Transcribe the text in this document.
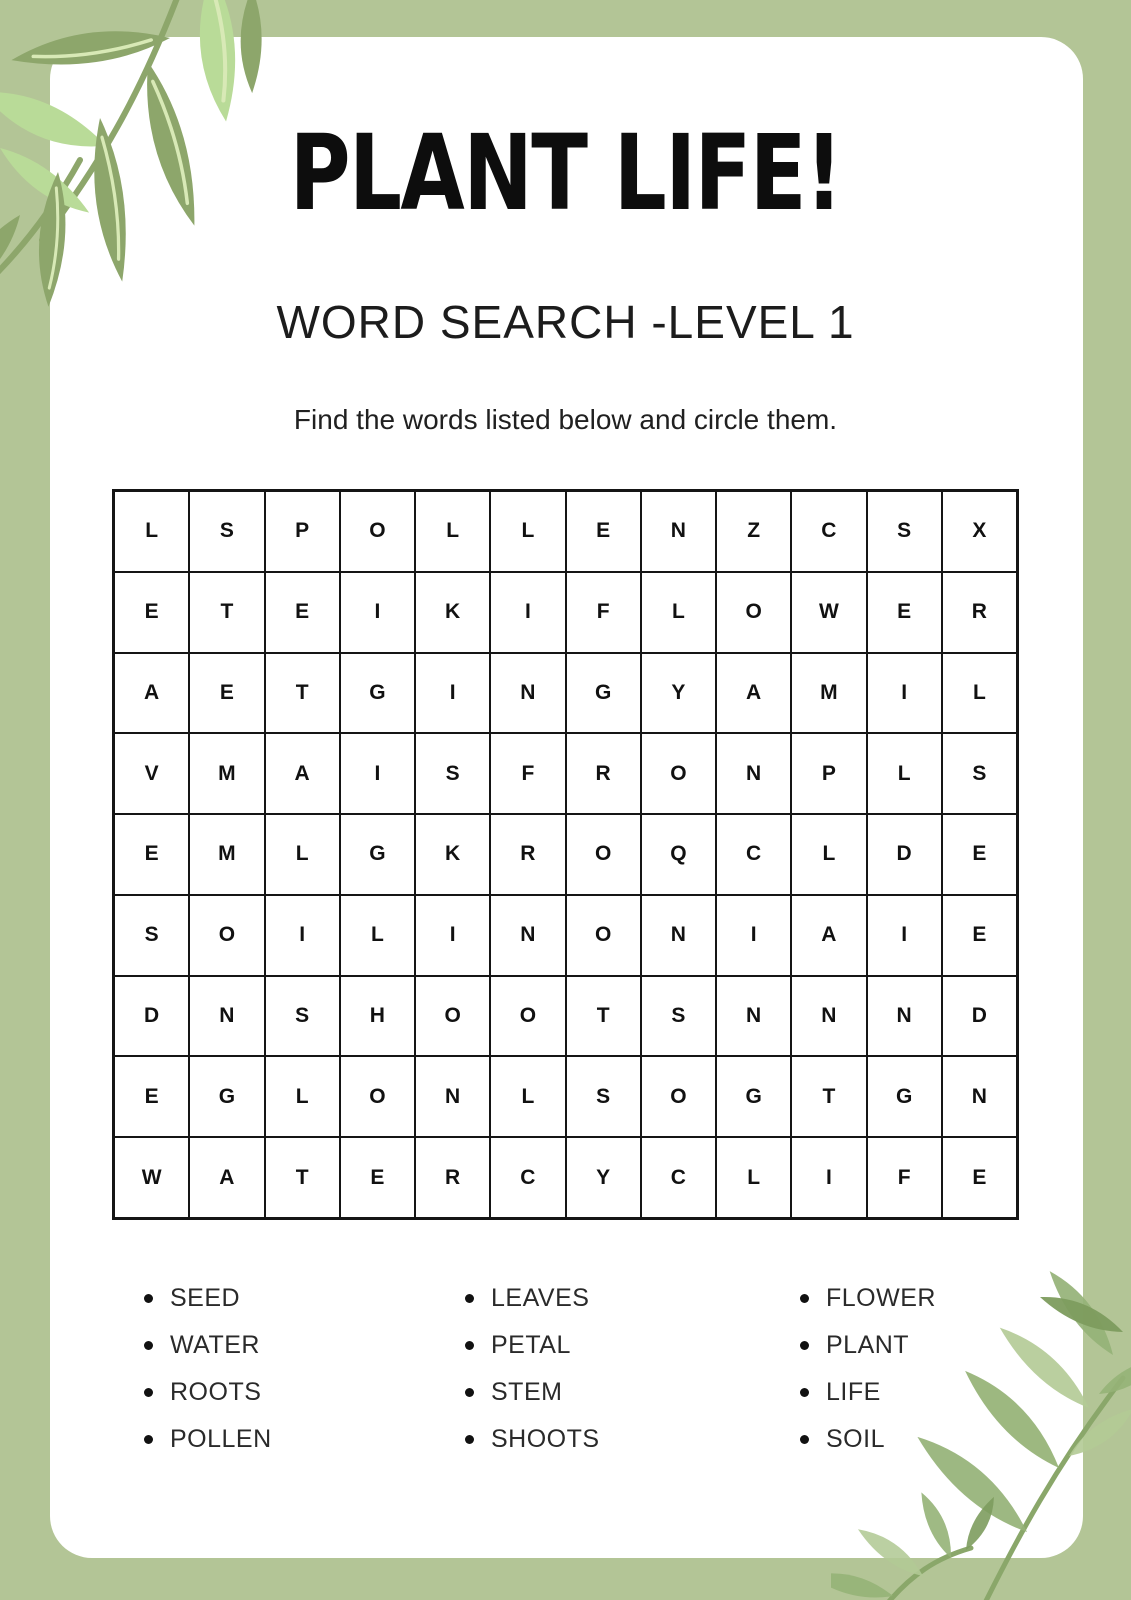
PLANT LIFE!
WORD SEARCH -LEVEL 1

Find the words listed below and circle them.

L	S	P	O	L	L	E	N	Z	C	S	X
E	T	E	I	K	I	F	L	O	W	E	R
A	E	T	G	I	N	G	Y	A	M	I	L
V	M	A	I	S	F	R	O	N	P	L	S
E	M	L	G	K	R	O	Q	C	L	D	E
S	O	I	L	I	N	O	N	I	A	I	E
D	N	S	H	O	O	T	S	N	N	N	D
E	G	L	O	N	L	S	O	G	T	G	N
W	A	T	E	R	C	Y	C	L	I	F	E
SEED
WATER
ROOTS
POLLEN
LEAVES
PETAL
STEM
SHOOTS
FLOWER
PLANT
LIFE
SOIL
